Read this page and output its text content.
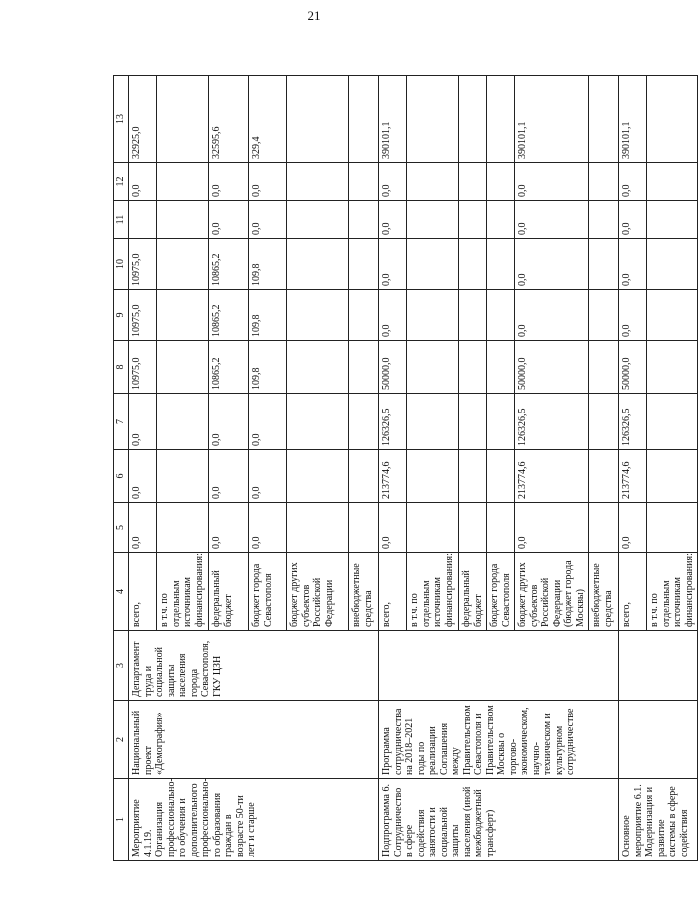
21
1	2	3	4	5	6	7	8	9	10	11	12	13
Мероприятие 4.1.19. Организация профессионально-го обучения и дополнительного профессионально-го образования граждан в возрасте 50-ти лет и старше	Национальный проект «Демография»	Департамент труда и социальной защиты населения города Севастополя, ГКУ ЦЗН	всего,	0,0	0,0	0,0	10975,0	10975,0	10975,0		0,0	32925,0
			в т.ч. по отдельным источникам финансирования:									
			федеральный бюджет	0,0	0,0	0,0	10865,2	10865,2	10865,2	0,0	0,0	32595,6
			бюджет города Севастополя	0,0	0,0	0,0	109,8	109,8	109,8	0,0	0,0	329,4
			бюджет других субъектов Российской Федерации									
			внебюджетные средства									
Подпрограмма 6. Сотрудничество в сфере содействия занятости и социальной защиты населения (иной межбюджетный трансферт)	Программа сотрудничества на 2018–2021 годы по реализации Соглашения между Правительством Севастополя и Правительством Москвы о торгово-экономическом, научно-техническом и культурном сотрудничестве		всего,	0,0	213774,6	126326,5	50000,0	0,0	0,0	0,0	0,0	390101,1
			в т.ч. по отдельным источникам финансирования:									
			федеральный бюджет									
			бюджет города Севастополя									
			бюджет других субъектов Российской Федерации (бюджет города Москвы)	0,0	213774,6	126326,5	50000,0	0,0	0,0	0,0	0,0	390101,1
			внебюджетные средства									
Основное мероприятие 6.1. Модернизация и развитие системы в сфере содействия			всего,	0,0	213774,6	126326,5	50000,0	0,0	0,0	0,0	0,0	390101,1
			в т.ч. по отдельным источникам финансирования:									
